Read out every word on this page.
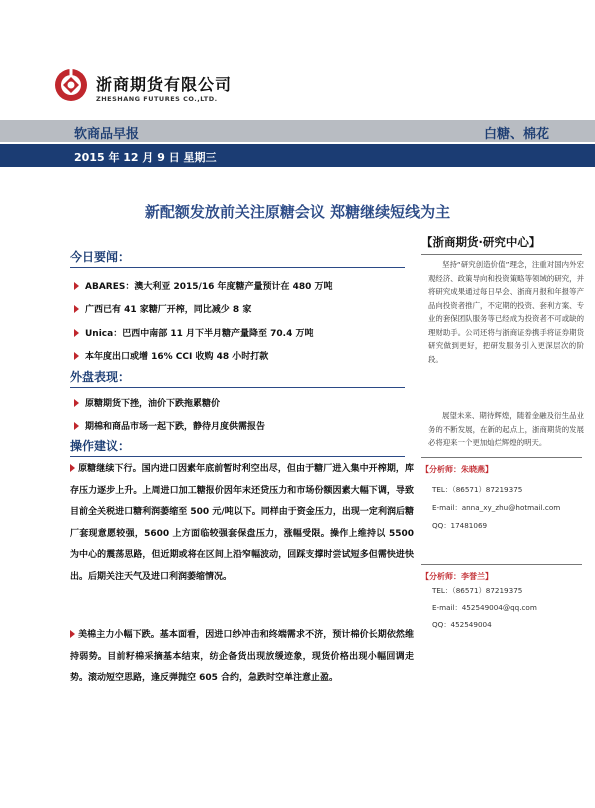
浙商期货有限公司
ZHESHANG FUTURES CO.,LTD.
软商品早报	白糖、棉花
2015 年 12 月 9 日 星期三
新配额发放前关注原糖会议 郑糖继续短线为主
今日要闻：
ABARES：澳大利亚 2015/16 年度糖产量预计在 480 万吨
广西已有 41 家糖厂开榨，同比减少 8 家
Unica：巴西中南部 11 月下半月糖产量降至 70.4 万吨
本年度出口或增 16% CCI 收购 48 小时打款
外盘表现：
原糖期货下挫，油价下跌拖累糖价
期棉和商品市场一起下跌，静待月度供需报告
操作建议：
原糖继续下行。国内进口因素年底前暂时利空出尽，但由于糖厂进入集中开榨期，库存压力逐步上升。上周进口加工糖报价因年末还贷压力和市场份额因素大幅下调，导致目前全关税进口糖利润萎缩至 500 元/吨以下。同样由于资金压力，出现一定利润后糖厂套现意愿较强，5600 上方面临较强套保盘压力，涨幅受限。操作上维持以 5500 为中心的震荡思路，但近期或将在区间上沿窄幅波动，回踩支撑时尝试短多但需快进快出。后期关注天气及进口利润萎缩情况。
美棉主力小幅下跌。基本面看，因进口纱冲击和终端需求不济，预计棉价长期依然维持弱势。目前籽棉采摘基本结束，纺企备货出现放缓迹象，现货价格出现小幅回调走势。滚动短空思路，逢反弹抛空 605 合约，急跌时空单注意止盈。
【浙商期货·研究中心】
坚持“研究创造价值”理念，注重对国内外宏观经济、政策导向和投资策略等领域的研究，并将研究成果通过每日早会、浙商月报和年报等产品向投资者推广，不定期的投资、套利方案、专业的套保团队服务等已经成为投资者不可或缺的理财助手。公司还将与浙商证券携手将证券期货研究做到更好，把研发服务引入更深层次的阶段。
展望未来、期待辉煌，随着金融及衍生品业务的不断发展，在新的起点上，浙商期货的发展必将迎来一个更加灿烂辉煌的明天。
【分析师：朱晓燕】
TEL：（86571）87219375
E-mail：anna_xy_zhu@hotmail.com
QQ：17481069
【分析师：李誉兰】
TEL：（86571）87219375
E-mail：452549004@qq.com
QQ：452549004
